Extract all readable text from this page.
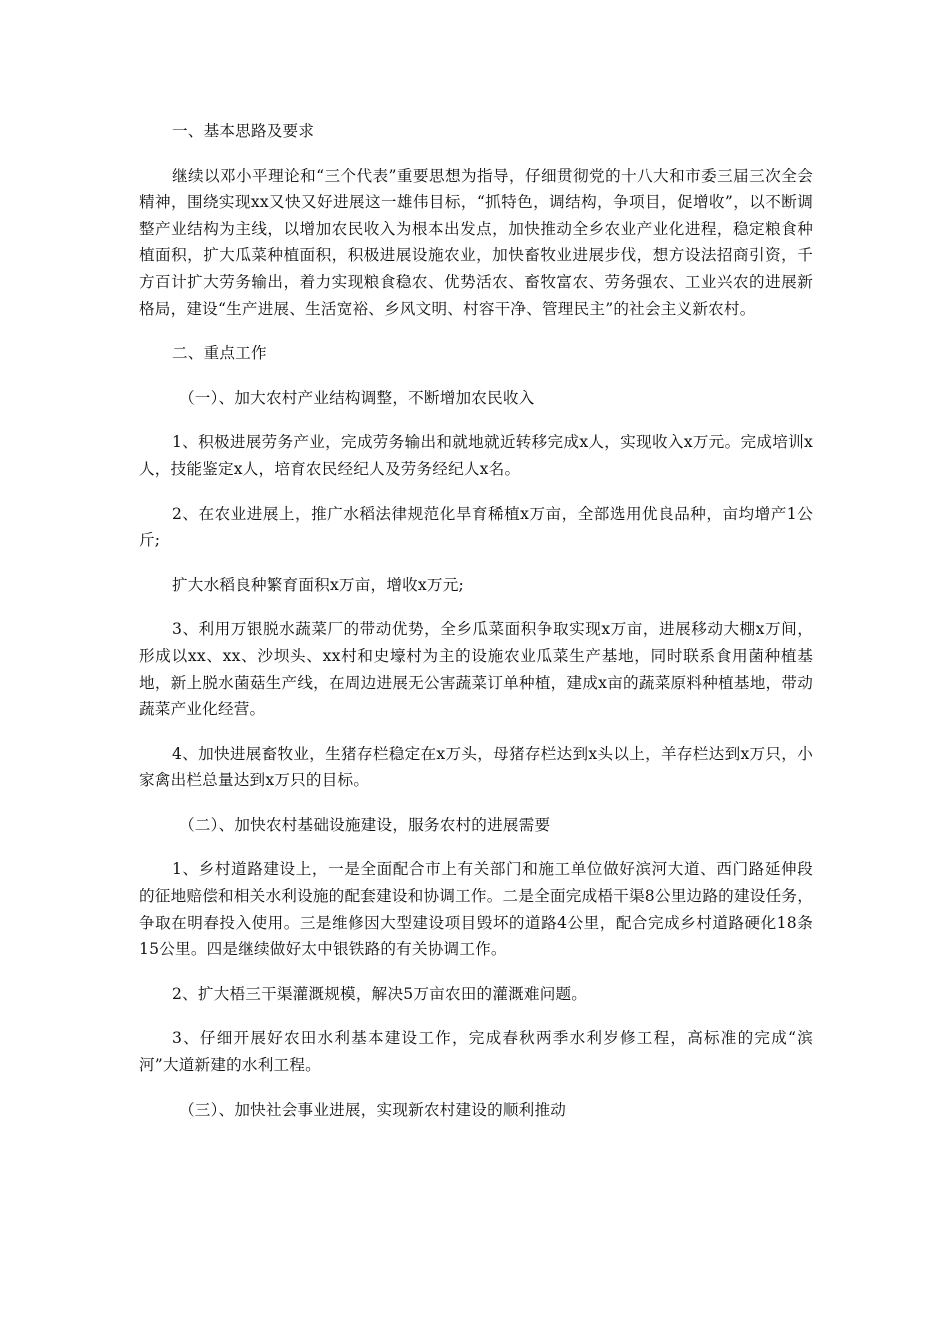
一、基本思路及要求

继续以邓小平理论和“三个代表”重要思想为指导，仔细贯彻党的十八大和市委三届三次全会精神，围绕实现xx又快又好进展这一雄伟目标，“抓特色，调结构，争项目，促增收”，以不断调整产业结构为主线，以增加农民收入为根本出发点，加快推动全乡农业产业化进程，稳定粮食种植面积，扩大瓜菜种植面积，积极进展设施农业，加快畜牧业进展步伐，想方设法招商引资，千方百计扩大劳务输出，着力实现粮食稳农、优势活农、畜牧富农、劳务强农、工业兴农的进展新格局，建设“生产进展、生活宽裕、乡风文明、村容干净、管理民主”的社会主义新农村。

二、重点工作

（一）、加大农村产业结构调整，不断增加农民收入

1、积极进展劳务产业，完成劳务输出和就地就近转移完成x人，实现收入x万元。完成培训x人，技能鉴定x人，培育农民经纪人及劳务经纪人x名。

2、在农业进展上，推广水稻法律规范化旱育稀植x万亩，全部选用优良品种，亩均增产1公斤;

扩大水稻良种繁育面积x万亩，增收x万元;

3、利用万银脱水蔬菜厂的带动优势，全乡瓜菜面积争取实现x万亩，进展移动大棚x万间，形成以xx、xx、沙坝头、xx村和史壕村为主的设施农业瓜菜生产基地，同时联系食用菌种植基地，新上脱水菌菇生产线，在周边进展无公害蔬菜订单种植，建成x亩的蔬菜原料种植基地，带动蔬菜产业化经营。

4、加快进展畜牧业，生猪存栏稳定在x万头，母猪存栏达到x头以上，羊存栏达到x万只，小家禽出栏总量达到x万只的目标。

（二）、加快农村基础设施建设，服务农村的进展需要

1、乡村道路建设上，一是全面配合市上有关部门和施工单位做好滨河大道、西门路延伸段的征地赔偿和相关水利设施的配套建设和协调工作。二是全面完成梧干渠8公里边路的建设任务，争取在明春投入使用。三是维修因大型建设项目毁坏的道路4公里，配合完成乡村道路硬化18条15公里。四是继续做好太中银铁路的有关协调工作。

2、扩大梧三干渠灌溉规模，解决5万亩农田的灌溉难问题。

3、仔细开展好农田水利基本建设工作，完成春秋两季水利岁修工程，高标准的完成“滨河”大道新建的水利工程。

（三）、加快社会事业进展，实现新农村建设的顺利推动
